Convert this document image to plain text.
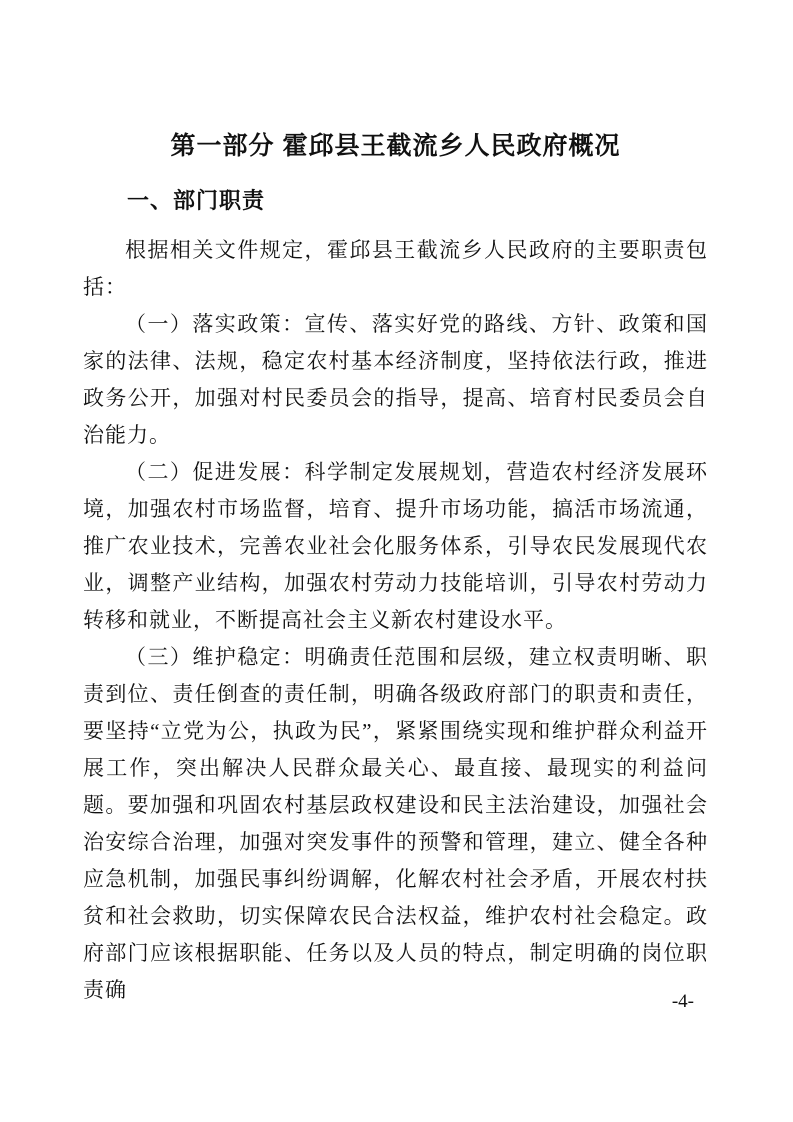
第一部分 霍邱县王截流乡人民政府概况
一、部门职责

根据相关文件规定，霍邱县王截流乡人民政府的主要职责包括：

（一）落实政策：宣传、落实好党的路线、方针、政策和国家的法律、法规，稳定农村基本经济制度，坚持依法行政，推进政务公开，加强对村民委员会的指导，提高、培育村民委员会自治能力。

（二）促进发展：科学制定发展规划，营造农村经济发展环境，加强农村市场监督，培育、提升市场功能，搞活市场流通，推广农业技术，完善农业社会化服务体系，引导农民发展现代农业，调整产业结构，加强农村劳动力技能培训，引导农村劳动力转移和就业，不断提高社会主义新农村建设水平。

（三）维护稳定：明确责任范围和层级，建立权责明晰、职责到位、责任倒查的责任制，明确各级政府部门的职责和责任，要坚持“立党为公，执政为民”，紧紧围绕实现和维护群众利益开展工作，突出解决人民群众最关心、最直接、最现实的利益问题。要加强和巩固农村基层政权建设和民主法治建设，加强社会治安综合治理，加强对突发事件的预警和管理，建立、健全各种应急机制，加强民事纠纷调解，化解农村社会矛盾，开展农村扶贫和社会救助，切实保障农民合法权益，维护农村社会稳定。政府部门应该根据职能、任务以及人员的特点，制定明确的岗位职责确	-4-
